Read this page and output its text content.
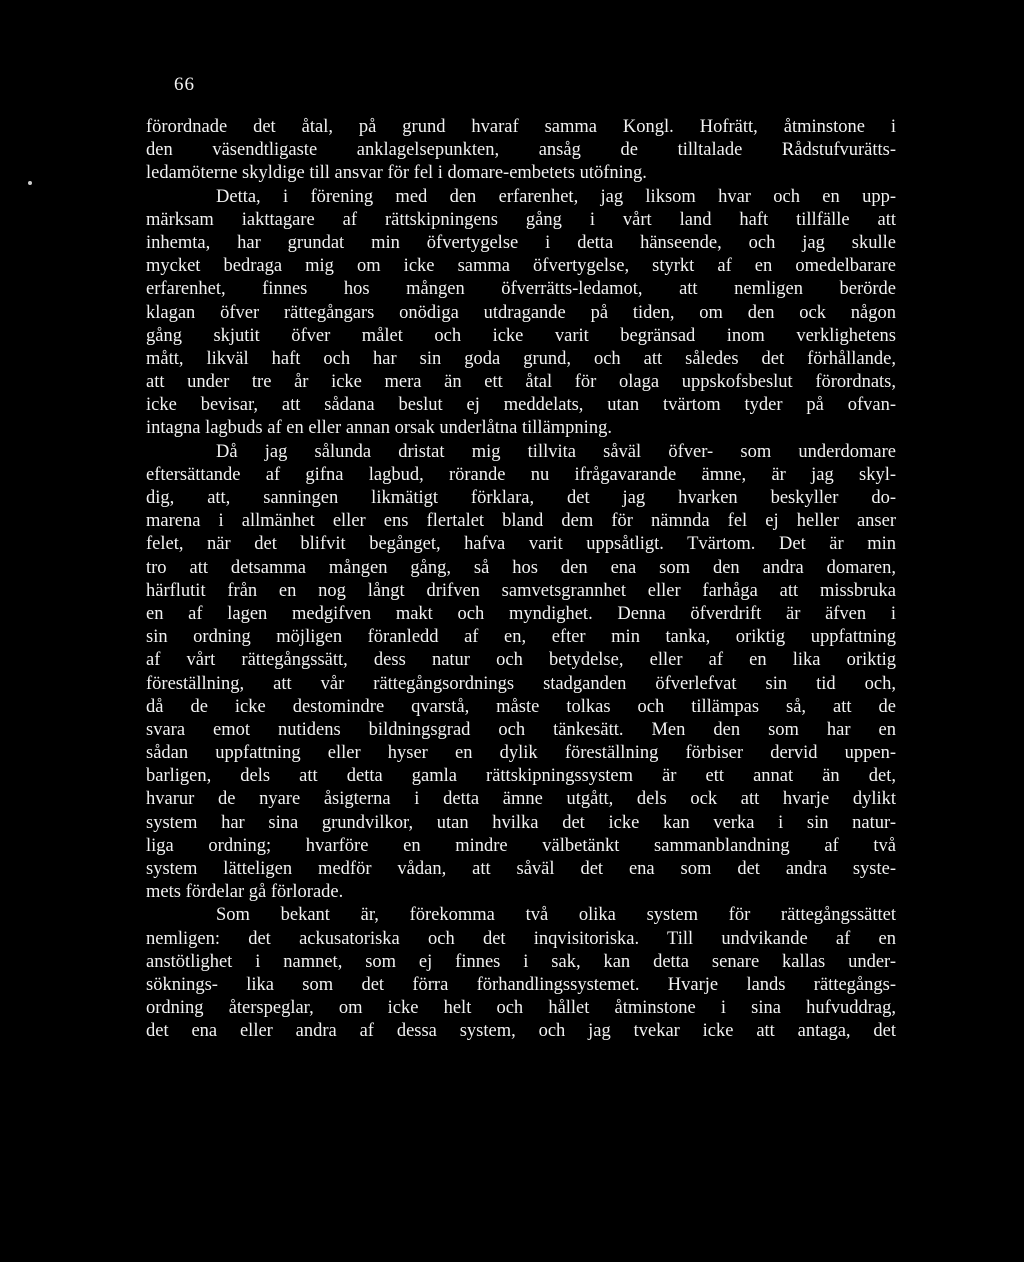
66
förordnade det åtal, på grund hvaraf samma Kongl. Hofrätt, åtminstone i
den väsendtligaste anklagelsepunkten, ansåg de tilltalade Rådstufvurätts-
ledamöterne skyldige till ansvar för fel i domare-embetets utöfning.
Detta, i förening med den erfarenhet, jag liksom hvar och en upp-
märksam iakttagare af rättskipningens gång i vårt land haft tillfälle att
inhemta, har grundat min öfvertygelse i detta hänseende, och jag skulle
mycket bedraga mig om icke samma öfvertygelse, styrkt af en omedelbarare
erfarenhet, finnes hos mången öfverrätts-ledamot, att nemligen berörde
klagan öfver rättegångars onödiga utdragande på tiden, om den ock någon
gång skjutit öfver målet och icke varit begränsad inom verklighetens
mått, likväl haft och har sin goda grund, och att således det förhållande,
att under tre år icke mera än ett åtal för olaga uppskofsbeslut förordnats,
icke bevisar, att sådana beslut ej meddelats, utan tvärtom tyder på ofvan-
intagna lagbuds af en eller annan orsak underlåtna tillämpning.
Då jag sålunda dristat mig tillvita såväl öfver- som underdomare
eftersättande af gifna lagbud, rörande nu ifrågavarande ämne, är jag skyl-
dig, att, sanningen likmätigt förklara, det jag hvarken beskyller do-
marena i allmänhet eller ens flertalet bland dem för nämnda fel ej heller anser
felet, när det blifvit begånget, hafva varit uppsåtligt. Tvärtom. Det är min
tro att detsamma mången gång, så hos den ena som den andra domaren,
härflutit från en nog långt drifven samvetsgrannhet eller farhåga att missbruka
en af lagen medgifven makt och myndighet. Denna öfverdrift är äfven i
sin ordning möjligen föranledd af en, efter min tanka, oriktig uppfattning
af vårt rättegångssätt, dess natur och betydelse, eller af en lika oriktig
föreställning, att vår rättegångsordnings stadganden öfverlefvat sin tid och,
då de icke destomindre qvarstå, måste tolkas och tillämpas så, att de
svara emot nutidens bildningsgrad och tänkesätt. Men den som har en
sådan uppfattning eller hyser en dylik föreställning förbiser dervid uppen-
barligen, dels att detta gamla rättskipningssystem är ett annat än det,
hvarur de nyare åsigterna i detta ämne utgått, dels ock att hvarje dylikt
system har sina grundvilkor, utan hvilka det icke kan verka i sin natur-
liga ordning; hvarföre en mindre välbetänkt sammanblandning af två
system lätteligen medför vådan, att såväl det ena som det andra syste-
mets fördelar gå förlorade.
Som bekant är, förekomma två olika system för rättegångssättet
nemligen: det ackusatoriska och det inqvisitoriska. Till undvikande af en
anstötlighet i namnet, som ej finnes i sak, kan detta senare kallas under-
söknings- lika som det förra förhandlingssystemet. Hvarje lands rättegångs-
ordning återspeglar, om icke helt och hållet åtminstone i sina hufvuddrag,
det ena eller andra af dessa system, och jag tvekar icke att antaga, det
